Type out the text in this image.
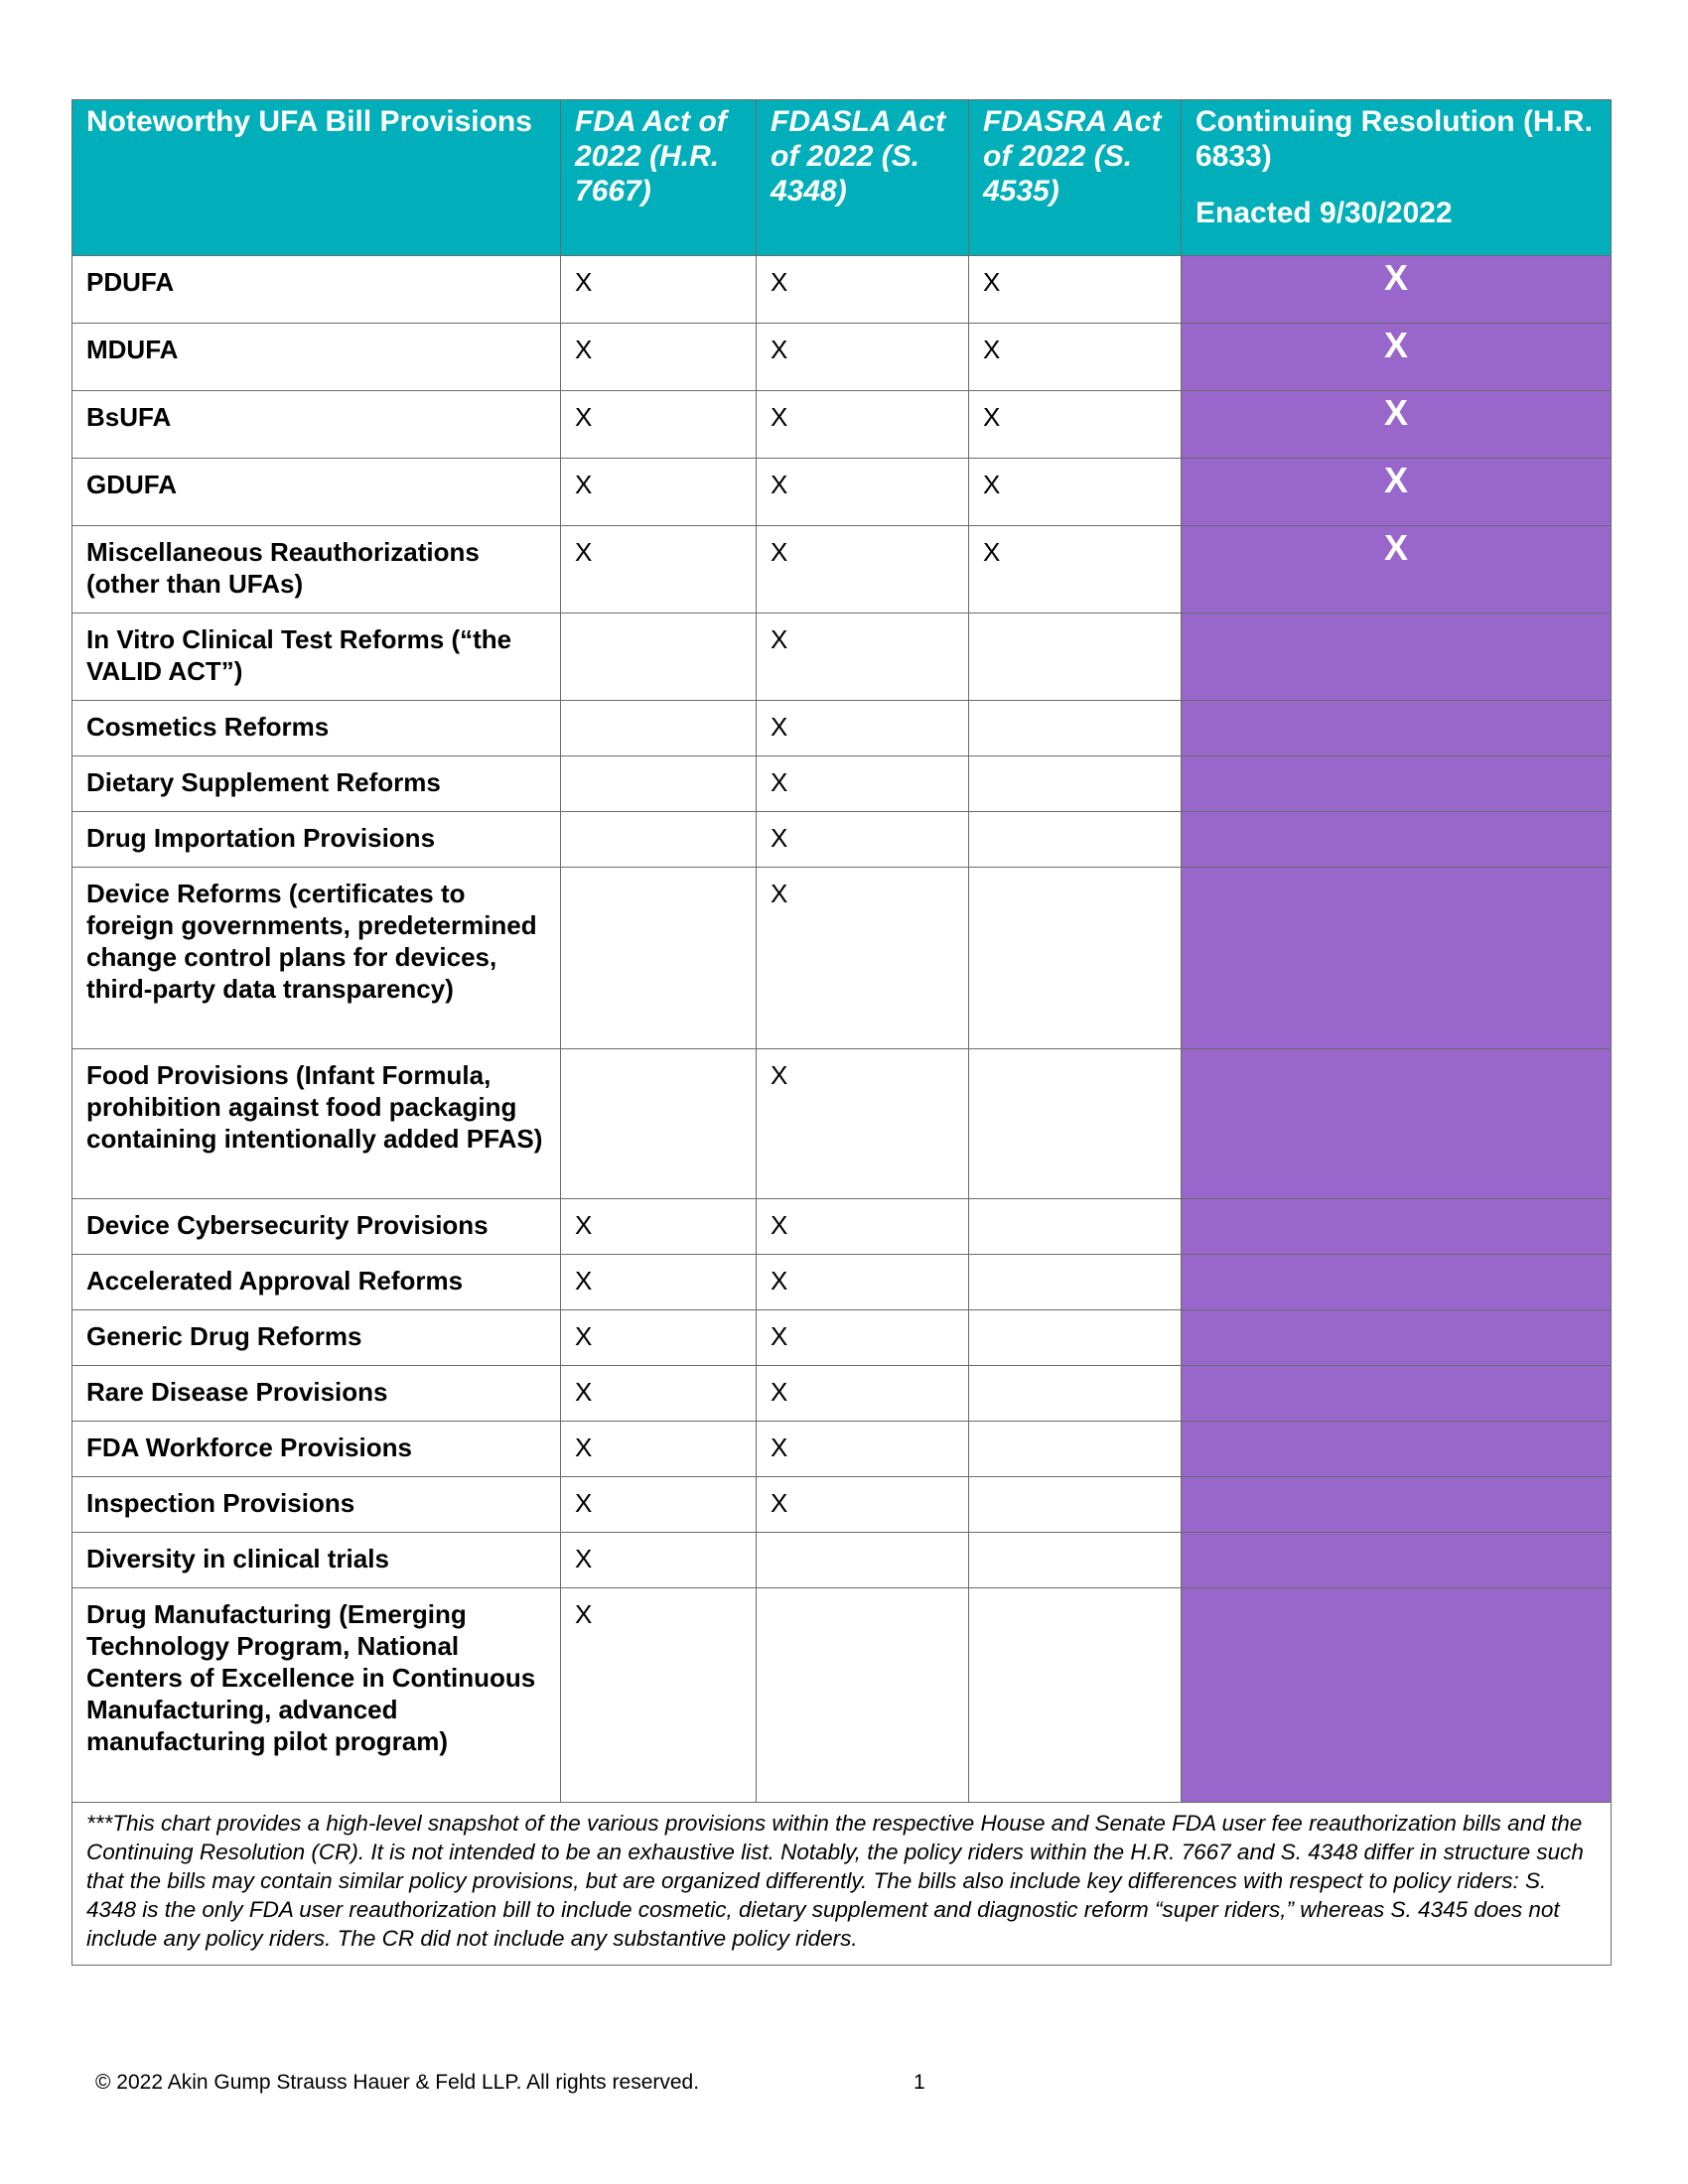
Noteworthy UFA Bill Provisions	FDA Act of 2022 (H.R. 7667)	FDASLA Act of 2022 (S. 4348)	FDASRA Act of 2022 (S. 4535)	Continuing Resolution (H.R. 6833)
Enacted 9/30/2022

PDUFA	X	X	X	X
MDUFA	X	X	X	X
BsUFA	X	X	X	X
GDUFA	X	X	X	X
Miscellaneous Reauthorizations (other than UFAs)	X	X	X	X
In Vitro Clinical Test Reforms (“the VALID ACT”)		X		
Cosmetics Reforms		X		
Dietary Supplement Reforms		X		
Drug Importation Provisions		X		
Device Reforms (certificates to foreign governments, predetermined change control plans for devices, third-party data transparency)		X		
Food Provisions (Infant Formula, prohibition against food packaging containing intentionally added PFAS)		X		
Device Cybersecurity Provisions	X	X		
Accelerated Approval Reforms	X	X		
Generic Drug Reforms	X	X		
Rare Disease Provisions	X	X		
FDA Workforce Provisions	X	X		
Inspection Provisions	X	X		
Diversity in clinical trials	X			
Drug Manufacturing (Emerging Technology Program, National Centers of Excellence in Continuous Manufacturing, advanced manufacturing pilot program)	X			
***This chart provides a high-level snapshot of the various provisions within the respective House and Senate FDA user fee reauthorization bills and the Continuing Resolution (CR). It is not intended to be an exhaustive list. Notably, the policy riders within the H.R. 7667 and S. 4348 differ in structure such that the bills may contain similar policy provisions, but are organized differently. The bills also include key differences with respect to policy riders: S. 4348 is the only FDA user reauthorization bill to include cosmetic, dietary supplement and diagnostic reform “super riders,” whereas S. 4345 does not include any policy riders. The CR did not include any substantive policy riders.				
© 2022 Akin Gump Strauss Hauer & Feld LLP. All rights reserved.	1
